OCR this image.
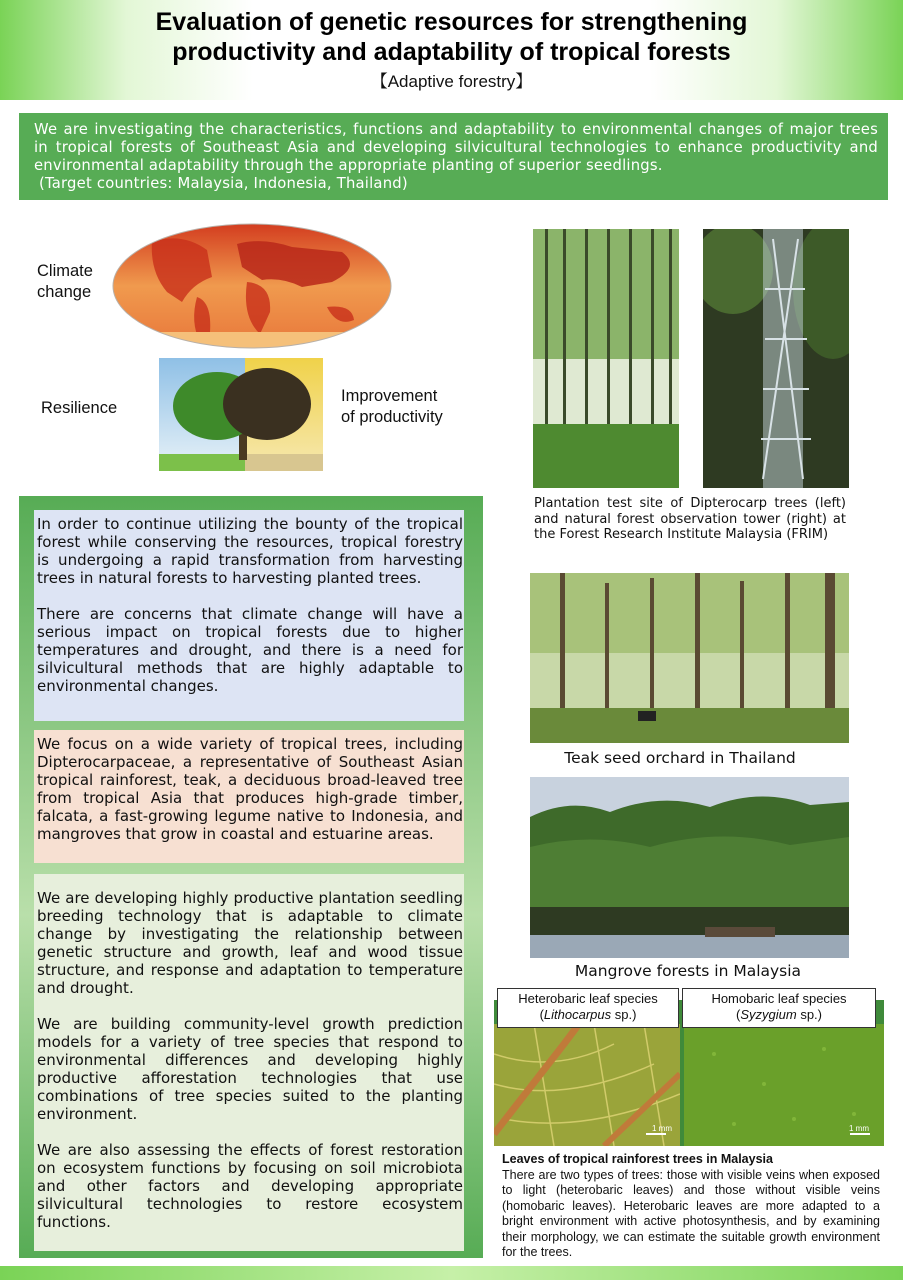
Evaluation of genetic resources for strengthening
productivity and adaptability of tropical forests
【Adaptive forestry】

We are investigating the characteristics, functions and adaptability to environmental changes of major trees in tropical forests of Southeast Asia and developing silvicultural technologies to enhance productivity and environmental adaptability through the appropriate planting of superior seedlings.
(Target countries: Malaysia, Indonesia, Thailand)

Climate
change
Resilience
Improvement
of productivity

In order to continue utilizing the bounty of the tropical forest while conserving the resources, tropical forestry is undergoing a rapid transformation from harvesting trees in natural forests to harvesting planted trees.

There are concerns that climate change will have a serious impact on tropical forests due to higher temperatures and drought, and there is a need for silvicultural methods that are highly adaptable to environmental changes.

We focus on a wide variety of tropical trees, including Dipterocarpaceae, a representative of Southeast Asian tropical rainforest, teak, a deciduous broad-leaved tree from tropical Asia that produces high-grade timber, falcata, a fast-growing legume native to Indonesia, and mangroves that grow in coastal and estuarine areas.

We are developing highly productive plantation seedling breeding technology that is adaptable to climate change by investigating the relationship between genetic structure and growth, leaf and wood tissue structure, and response and adaptation to temperature and drought.

We are building community-level growth prediction models for a variety of tree species that respond to environmental differences and developing highly productive afforestation technologies that use combinations of tree species suited to the planting environment.

We are also assessing the effects of forest restoration on ecosystem functions by focusing on soil microbiota and other factors and developing appropriate silvicultural technologies to restore ecosystem functions.

Plantation test site of Dipterocarp trees (left) and natural forest observation tower (right) at the Forest Research Institute Malaysia (FRIM)
Teak seed orchard in Thailand
Mangrove forests in Malaysia
1 mm	1 mm
Heterobaric leaf species
(Lithocarpus sp.)
Homobaric leaf species
(Syzygium sp.)
Leaves of tropical rainforest trees in Malaysia
There are two types of trees: those with visible veins when exposed to light (heterobaric leaves) and those without visible veins (homobaric leaves). Heterobaric leaves are more adapted to a bright environment with active photosynthesis, and by examining their morphology, we can estimate the suitable growth environment for the trees.
